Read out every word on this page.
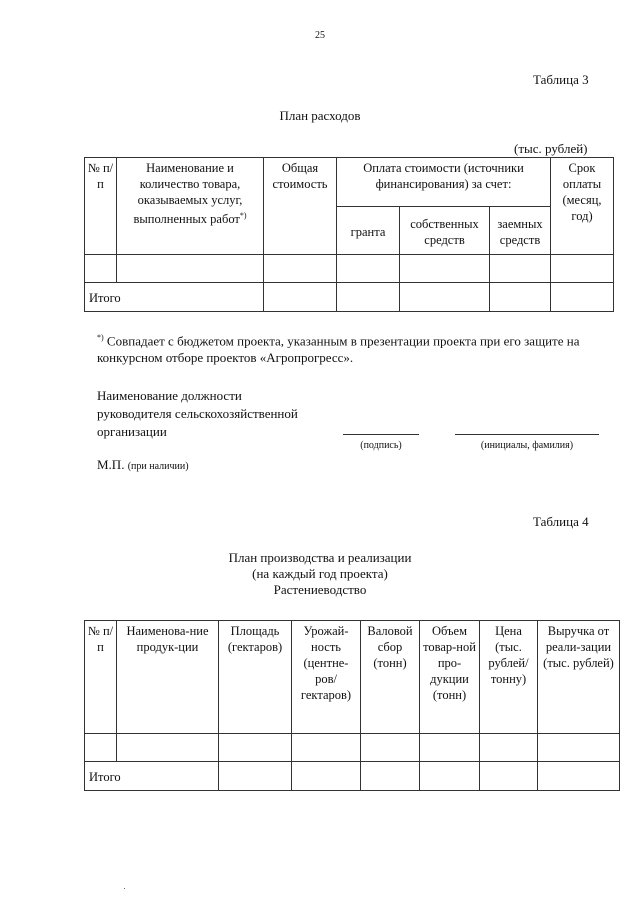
25
Таблица 3
План расходов
(тыс. рублей)
№ п/п	Наименование и количество товара, оказываемых услуг, выполненных работ*)	Общая стоимость	Оплата стоимости (источники финансирования) за счет:			Срок оплаты (месяц, год)
			гранта	собственных средств	заемных средств	

Итого						
*) Совпадает с бюджетом проекта, указанным в презентации проекта при его защите на конкурсном отборе проектов «Агропрогресс».
Наименование должности
руководителя сельскохозяйственной
организации
(подпись)	(инициалы, фамилия)
М.П. (при наличии)
Таблица 4
План производства и реализации
(на каждый год проекта)
Растениеводство
№ п/п	Наименова-ние продук-ции	Площадь (гектаров)	Урожай-ность (центне-ров/ гектаров)	Валовой сбор (тонн)	Объем товар-ной про-дукции (тонн)	Цена (тыс. рублей/ тонну)	Выручка от реали-зации (тыс. рублей)

Итого							
